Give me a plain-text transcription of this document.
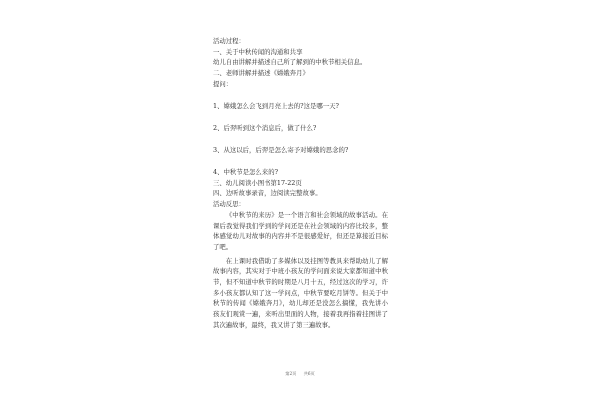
活动过程：

一、关于中秋传闻的沟通和共享

幼儿自由讲解并描述自己所了解到的中秋节相关信息。

二、老师讲解并描述《嫦娥奔月》

提问：

1、嫦娥怎么会飞到月亮上去的?这是哪一天?

2、后羿听到这个消息后，做了什么?

3、从这以后，后羿是怎么寄予对嫦娥的思念的?

4、中秋节是怎么来的?

三、幼儿阅读小图书第17-22页

四、边听故事录音，边阅读完整故事。

活动反思：

《中秋节的来历》是一个语言和社会领域的故事活动。在课后我觉得我们学到的学问还是在社会领域的内容比较多，整体感觉幼儿对故事的内容并不是很感爱好，但还是算接近目标了吧。

在上课时我借助了多媒体以及挂图等教具来帮助幼儿了解故事内容，其实对于中班小孩友的学问面来说大家都知道中秋节，但不知道中秋节的时期是八月十五，经过这次的学习，许多小孩友都认知了这一学问点，中秋节要吃月饼等。但关于中秋节的传闻《嫦娥奔月》，幼儿却还是没怎么搞懂，我先讲小孩友们观赏一遍，来听出里面的人物，接着我再指着挂图讲了其次遍故事，最终，我又讲了第三遍故事。

第2页 共6页
